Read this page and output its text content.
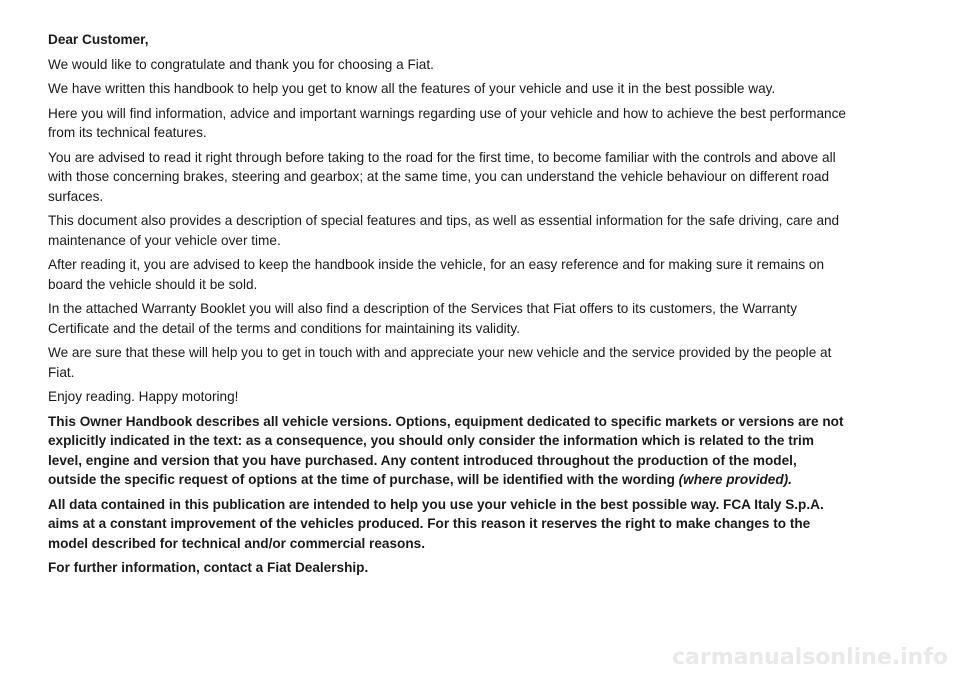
Dear Customer,

We would like to congratulate and thank you for choosing a Fiat.

We have written this handbook to help you get to know all the features of your vehicle and use it in the best possible way.

Here you will find information, advice and important warnings regarding use of your vehicle and how to achieve the best performance from its technical features.

You are advised to read it right through before taking to the road for the first time, to become familiar with the controls and above all with those concerning brakes, steering and gearbox; at the same time, you can understand the vehicle behaviour on different road surfaces.

This document also provides a description of special features and tips, as well as essential information for the safe driving, care and maintenance of your vehicle over time.

After reading it, you are advised to keep the handbook inside the vehicle, for an easy reference and for making sure it remains on board the vehicle should it be sold.

In the attached Warranty Booklet you will also find a description of the Services that Fiat offers to its customers, the Warranty Certificate and the detail of the terms and conditions for maintaining its validity.

We are sure that these will help you to get in touch with and appreciate your new vehicle and the service provided by the people at Fiat.

Enjoy reading. Happy motoring!

This Owner Handbook describes all vehicle versions. Options, equipment dedicated to specific markets or versions are not explicitly indicated in the text: as a consequence, you should only consider the information which is related to the trim level, engine and version that you have purchased. Any content introduced throughout the production of the model, outside the specific request of options at the time of purchase, will be identified with the wording (where provided).

All data contained in this publication are intended to help you use your vehicle in the best possible way. FCA Italy S.p.A. aims at a constant improvement of the vehicles produced. For this reason it reserves the right to make changes to the model described for technical and/or commercial reasons.

For further information, contact a Fiat Dealership.

carmanualsonline.info
